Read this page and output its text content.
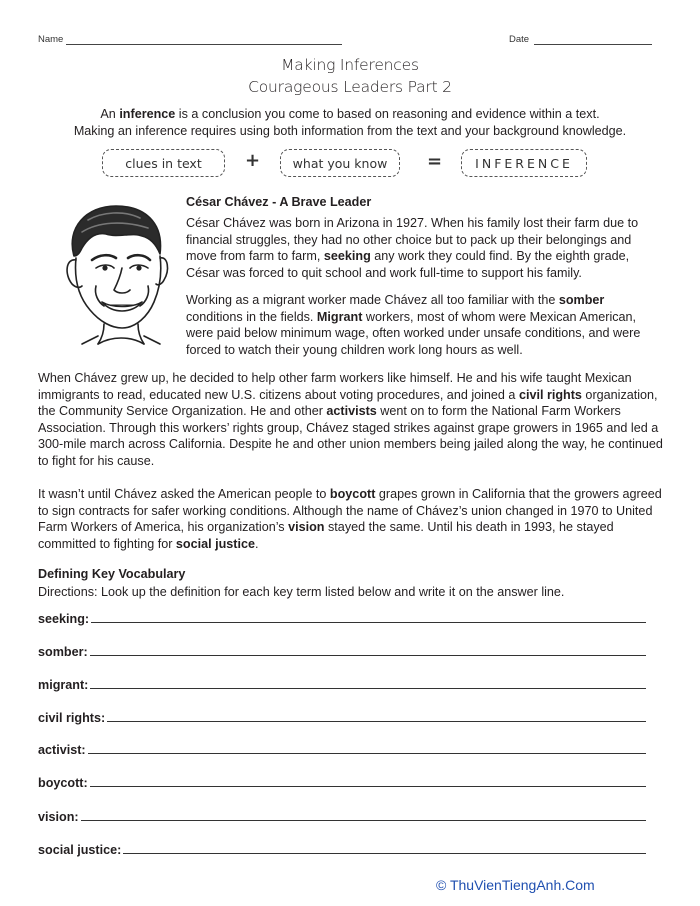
Name	Date
Making Inferences
Courageous Leaders Part 2
An inference is a conclusion you come to based on reasoning and evidence within a text.
Making an inference requires using both information from the text and your background knowledge.
clues in text	+	what you know	=	INFERENCE
César Chávez - A Brave Leader

César Chávez was born in Arizona in 1927. When his family lost their farm due to financial struggles, they had no other choice but to pack up their belongings and move from farm to farm, seeking any work they could find. By the eighth grade, César was forced to quit school and work full-time to support his family.

Working as a migrant worker made Chávez all too familiar with the somber conditions in the fields. Migrant workers, most of whom were Mexican American, were paid below minimum wage, often worked under unsafe conditions, and were forced to watch their young children work long hours as well.

When Chávez grew up, he decided to help other farm workers like himself. He and his wife taught Mexican immigrants to read, educated new U.S. citizens about voting procedures, and joined a civil rights organization, the Community Service Organization. He and other activists went on to form the National Farm Workers Association. Through this workers’ rights group, Chávez staged strikes against grape growers in 1965 and led a 300-mile march across California. Despite he and other union members being jailed along the way, he continued to fight for his cause.

It wasn’t until Chávez asked the American people to boycott grapes grown in California that the growers agreed to sign contracts for safer working conditions. Although the name of Chávez’s union changed in 1970 to United Farm Workers of America, his organization’s vision stayed the same. Until his death in 1993, he stayed committed to fighting for social justice.

Defining Key Vocabulary
Directions: Look up the definition for each key term listed below and write it on the answer line.
seeking:
somber:
migrant:
civil rights:
activist:
boycott:
vision:
social justice:
© ThuVienTiengAnh.Com
